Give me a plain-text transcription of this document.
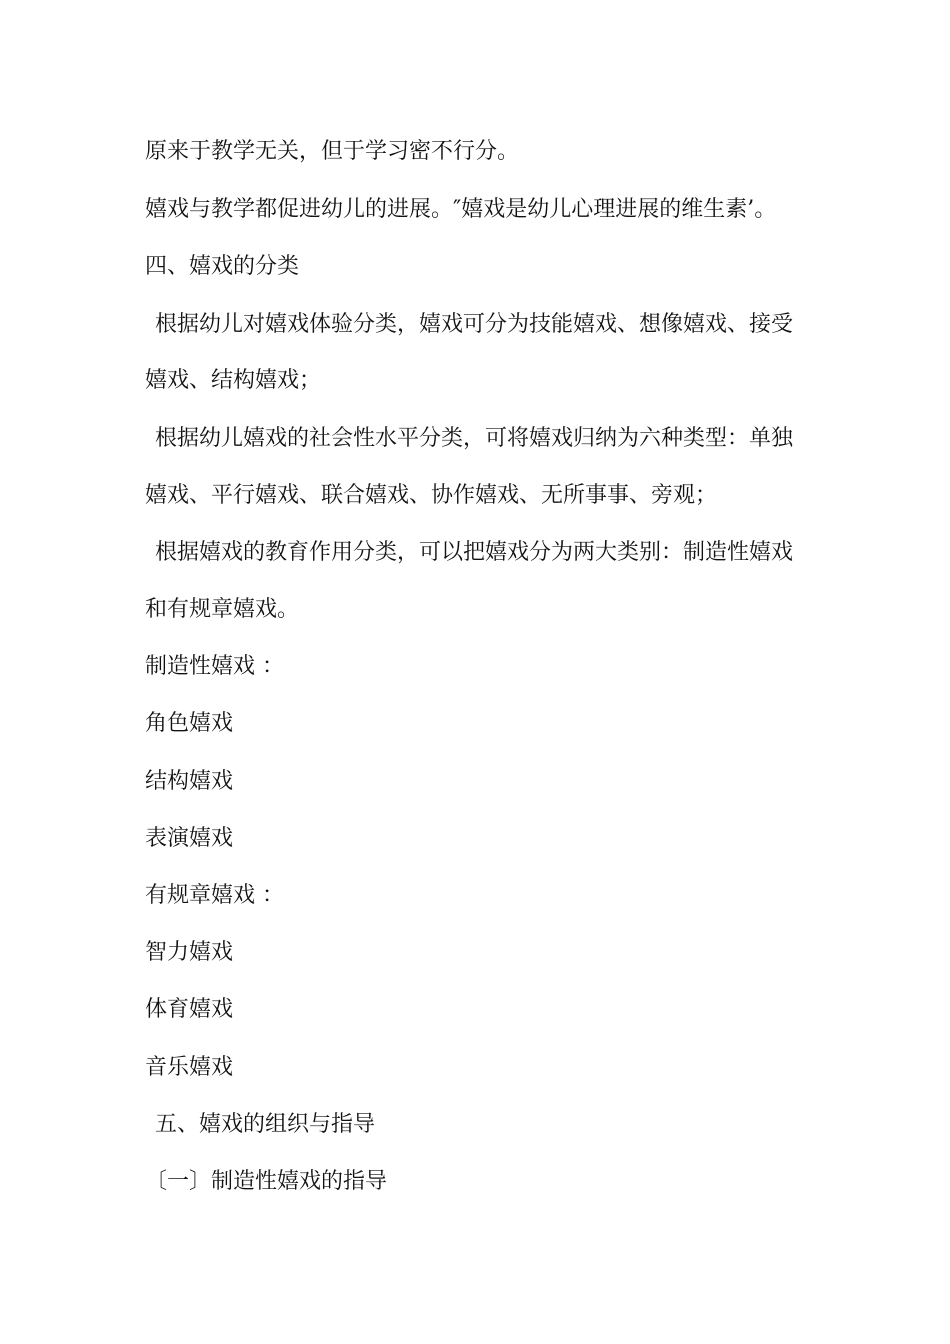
原来于教学无关，但于学习密不行分。
嬉戏与教学都促进幼儿的进展。″嬉戏是幼儿心理进展的维生素’。
四、嬉戏的分类
根据幼儿对嬉戏体验分类，嬉戏可分为技能嬉戏、想像嬉戏、接受
嬉戏、结构嬉戏；
根据幼儿嬉戏的社会性水平分类，可将嬉戏归纳为六种类型：单独
嬉戏、平行嬉戏、联合嬉戏、协作嬉戏、无所事事、旁观；
根据嬉戏的教育作用分类，可以把嬉戏分为两大类别：制造性嬉戏
和有规章嬉戏。
制造性嬉戏 ：
角色嬉戏
结构嬉戏
表演嬉戏
有规章嬉戏 ：
智力嬉戏
体育嬉戏
音乐嬉戏
五、嬉戏的组织与指导
〔一〕制造性嬉戏的指导
